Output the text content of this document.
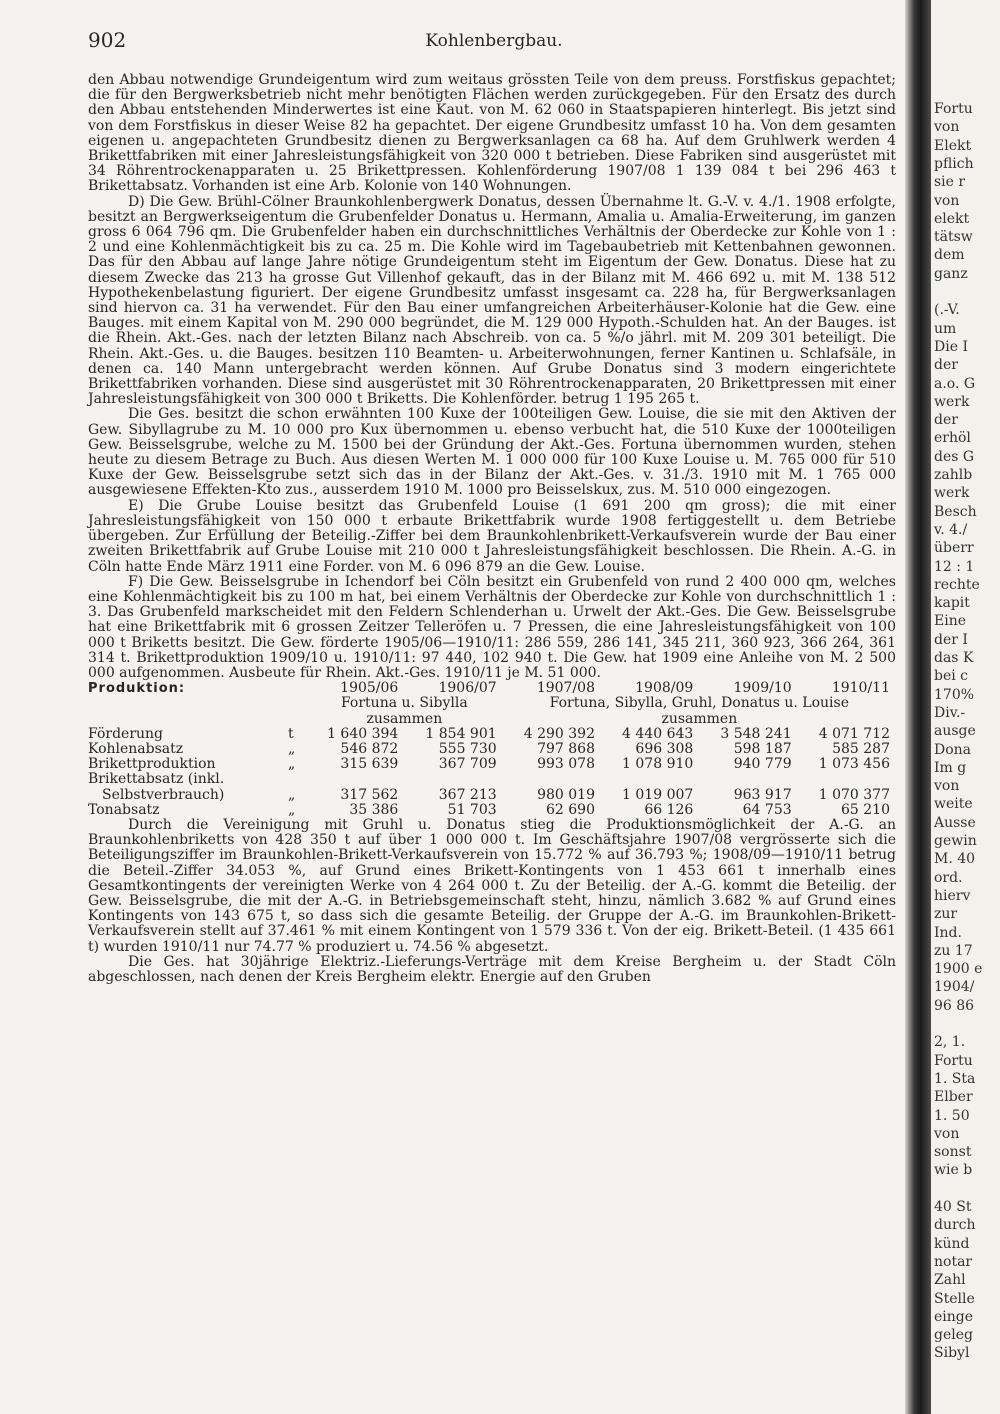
902	Kohlenbergbau.

den Abbau notwendige Grundeigentum wird zum weitaus grössten Teile von dem preuss. Forstfiskus gepachtet; die für den Bergwerksbetrieb nicht mehr benötigten Flächen werden zurückgegeben. Für den Ersatz des durch den Abbau entstehenden Minderwertes ist eine Kaut. von M. 62 060 in Staatspapieren hinterlegt. Bis jetzt sind von dem Forstfiskus in dieser Weise 82 ha gepachtet. Der eigene Grundbesitz umfasst 10 ha. Von dem gesamten eigenen u. angepachteten Grundbesitz dienen zu Bergwerksanlagen ca 68 ha. Auf dem Gruhlwerk werden 4 Brikettfabriken mit einer Jahresleistungsfähigkeit von 320 000 t betrieben. Diese Fabriken sind ausgerüstet mit 34 Röhrentrockenapparaten u. 25 Brikettpressen. Kohlenförderung 1907/08 1 139 084 t bei 296 463 t Brikettabsatz. Vorhanden ist eine Arb. Kolonie von 140 Wohnungen.

D) Die Gew. Brühl-Cölner Braunkohlenbergwerk Donatus, dessen Übernahme lt. G.-V. v. 4./1. 1908 erfolgte, besitzt an Bergwerkseigentum die Grubenfelder Donatus u. Hermann, Amalia u. Amalia-Erweiterung, im ganzen gross 6 064 796 qm. Die Grubenfelder haben ein durchschnittliches Verhältnis der Oberdecke zur Kohle von 1 : 2 und eine Kohlenmächtigkeit bis zu ca. 25 m. Die Kohle wird im Tagebaubetrieb mit Kettenbahnen gewonnen. Das für den Abbau auf lange Jahre nötige Grundeigentum steht im Eigentum der Gew. Donatus. Diese hat zu diesem Zwecke das 213 ha grosse Gut Villenhof gekauft, das in der Bilanz mit M. 466 692 u. mit M. 138 512 Hypothekenbelastung figuriert. Der eigene Grundbesitz umfasst insgesamt ca. 228 ha, für Bergwerksanlagen sind hiervon ca. 31 ha verwendet. Für den Bau einer umfangreichen Arbeiterhäuser-Kolonie hat die Gew. eine Bauges. mit einem Kapital von M. 290 000 begründet, die M. 129 000 Hypoth.-Schulden hat. An der Bauges. ist die Rhein. Akt.-Ges. nach der letzten Bilanz nach Abschreib. von ca. 5 %/o jährl. mit M. 209 301 beteiligt. Die Rhein. Akt.-Ges. u. die Bauges. besitzen 110 Beamten- u. Arbeiterwohnungen, ferner Kantinen u. Schlafsäle, in denen ca. 140 Mann untergebracht werden können. Auf Grube Donatus sind 3 modern eingerichtete Brikettfabriken vorhanden. Diese sind ausgerüstet mit 30 Röhrentrockenapparaten, 20 Brikettpressen mit einer Jahresleistungsfähigkeit von 300 000 t Briketts. Die Kohlenförder. betrug 1 195 265 t.

Die Ges. besitzt die schon erwähnten 100 Kuxe der 100teiligen Gew. Louise, die sie mit den Aktiven der Gew. Sibyllagrube zu M. 10 000 pro Kux übernommen u. ebenso verbucht hat, die 510 Kuxe der 1000teiligen Gew. Beisselsgrube, welche zu M. 1500 bei der Gründung der Akt.-Ges. Fortuna übernommen wurden, stehen heute zu diesem Betrage zu Buch. Aus diesen Werten M. 1 000 000 für 100 Kuxe Louise u. M. 765 000 für 510 Kuxe der Gew. Beisselsgrube setzt sich das in der Bilanz der Akt.-Ges. v. 31./3. 1910 mit M. 1 765 000 ausgewiesene Effekten-Kto zus., ausserdem 1910 M. 1000 pro Beisselskux, zus. M. 510 000 eingezogen.

E) Die Grube Louise besitzt das Grubenfeld Louise (1 691 200 qm gross); die mit einer Jahresleistungsfähigkeit von 150 000 t erbaute Brikettfabrik wurde 1908 fertiggestellt u. dem Betriebe übergeben. Zur Erfüllung der Beteilig.-Ziffer bei dem Braunkohlenbrikett-Verkaufsverein wurde der Bau einer zweiten Brikettfabrik auf Grube Louise mit 210 000 t Jahresleistungsfähigkeit beschlossen. Die Rhein. A.-G. in Cöln hatte Ende März 1911 eine Forder. von M. 6 096 879 an die Gew. Louise.

F) Die Gew. Beisselsgrube in Ichendorf bei Cöln besitzt ein Grubenfeld von rund 2 400 000 qm, welches eine Kohlenmächtigkeit bis zu 100 m hat, bei einem Verhältnis der Oberdecke zur Kohle von durchschnittlich 1 : 3. Das Grubenfeld markscheidet mit den Feldern Schlenderhan u. Urwelt der Akt.-Ges. Die Gew. Beisselsgrube hat eine Brikettfabrik mit 6 grossen Zeitzer Telleröfen u. 7 Pressen, die eine Jahresleistungsfähigkeit von 100 000 t Briketts besitzt. Die Gew. förderte 1905/06—1910/11: 286 559, 286 141, 345 211, 360 923, 366 264, 361 314 t. Brikettproduktion 1909/10 u. 1910/11: 97 440, 102 940 t. Die Gew. hat 1909 eine Anleihe von M. 2 500 000 aufgenommen. Ausbeute für Rhein. Akt.-Ges. 1910/11 je M. 51 000.

Produktion:		1905/06	1906/07	1907/08	1908/09	1909/10	1910/11
		Fortuna u. Sibylla		Fortuna, Sibylla, Gruhl, Donatus u. Louise			
		zusammen		zusammen			
Förderung	t	1 640 394	1 854 901	4 290 392	4 440 643	3 548 241	4 071 712
Kohlenabsatz	„	546 872	555 730	797 868	696 308	598 187	585 287
Brikettproduktion	„	315 639	367 709	993 078	1 078 910	940 779	1 073 456
Brikettabsatz (inkl.							
Selbstverbrauch)	„	317 562	367 213	980 019	1 019 007	963 917	1 070 377
Tonabsatz	„	35 386	51 703	62 690	66 126	64 753	65 210

Durch die Vereinigung mit Gruhl u. Donatus stieg die Produktionsmöglichkeit der A.-G. an Braunkohlenbriketts von 428 350 t auf über 1 000 000 t. Im Geschäftsjahre 1907/08 vergrösserte sich die Beteiligungsziffer im Braunkohlen-Brikett-Verkaufsverein von 15.772 % auf 36.793 %; 1908/09—1910/11 betrug die Beteil.-Ziffer 34.053 %, auf Grund eines Brikett-Kontingents von 1 453 661 t innerhalb eines Gesamtkontingents der vereinigten Werke von 4 264 000 t. Zu der Beteilig. der A.-G. kommt die Beteilig. der Gew. Beisselsgrube, die mit der A.-G. in Betriebsgemeinschaft steht, hinzu, nämlich 3.682 % auf Grund eines Kontingents von 143 675 t, so dass sich die gesamte Beteilig. der Gruppe der A.-G. im Braunkohlen-Brikett-Verkaufsverein stellt auf 37.461 % mit einem Kontingent von 1 579 336 t. Von der eig. Brikett-Beteil. (1 435 661 t) wurden 1910/11 nur 74.77 % produziert u. 74.56 % abgesetzt.

Die Ges. hat 30jährige Elektriz.-Lieferungs-Verträge mit dem Kreise Bergheim u. der Stadt Cöln abgeschlossen, nach denen der Kreis Bergheim elektr. Energie auf den Gruben

Fortu
von
Elekt
pflich
sie r
von
elekt
tätsw
dem
ganz
(.-V.
um
Die I
der
a.o. G
werk
der
erhöl
des G
zahlb
werk
Besch
v. 4./
überr
12 : 1
rechte
kapit
Eine
der I
das K
bei c
170%
Div.-
ausge
Dona
Im g
von
weite
Ausse
gewin
M. 40
ord.
hierv
zur
Ind.
zu 17
1900 e
1904/
96 86
2, 1.
Fortu
1. Sta
Elber
1. 50
von
sonst
wie b
40 St
durch
künd
notar
Zahl
Stelle
einge
geleg
Sibyl
